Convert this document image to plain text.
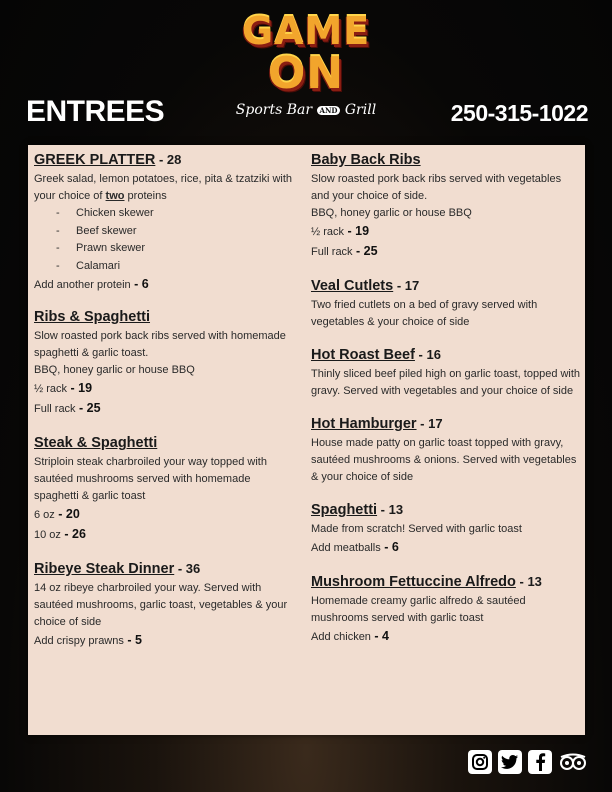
GAME
ON
Sports Bar AND Grill
ENTREES	250-315-1022
GREEK PLATTER - 28
Greek salad, lemon potatoes, rice, pita & tzatziki with your choice of two proteins
- Chicken skewer
- Beef skewer
- Prawn skewer
- Calamari
Add another protein - 6
Ribs & Spaghetti
Slow roasted pork back ribs served with homemade spaghetti & garlic toast.
BBQ, honey garlic or house BBQ
½ rack - 19
Full rack - 25
Steak & Spaghetti
Striploin steak charbroiled your way topped with sautéed mushrooms served with homemade spaghetti & garlic toast
6 oz - 20
10 oz - 26
Ribeye Steak Dinner - 36
14 oz ribeye charbroiled your way. Served with sautéed mushrooms, garlic toast, vegetables & your choice of side
Add crispy prawns - 5
Baby Back Ribs
Slow roasted pork back ribs served with vegetables and your choice of side.
BBQ, honey garlic or house BBQ
½ rack - 19
Full rack - 25
Veal Cutlets - 17
Two fried cutlets on a bed of gravy served with vegetables & your choice of side
Hot Roast Beef - 16
Thinly sliced beef piled high on garlic toast, topped with gravy. Served with vegetables and your choice of side
Hot Hamburger - 17
House made patty on garlic toast topped with gravy, sautéed mushrooms & onions. Served with vegetables & your choice of side
Spaghetti - 13
Made from scratch! Served with garlic toast
Add meatballs - 6
Mushroom Fettuccine Alfredo - 13
Homemade creamy garlic alfredo & sautéed mushrooms served with garlic toast
Add chicken - 4
